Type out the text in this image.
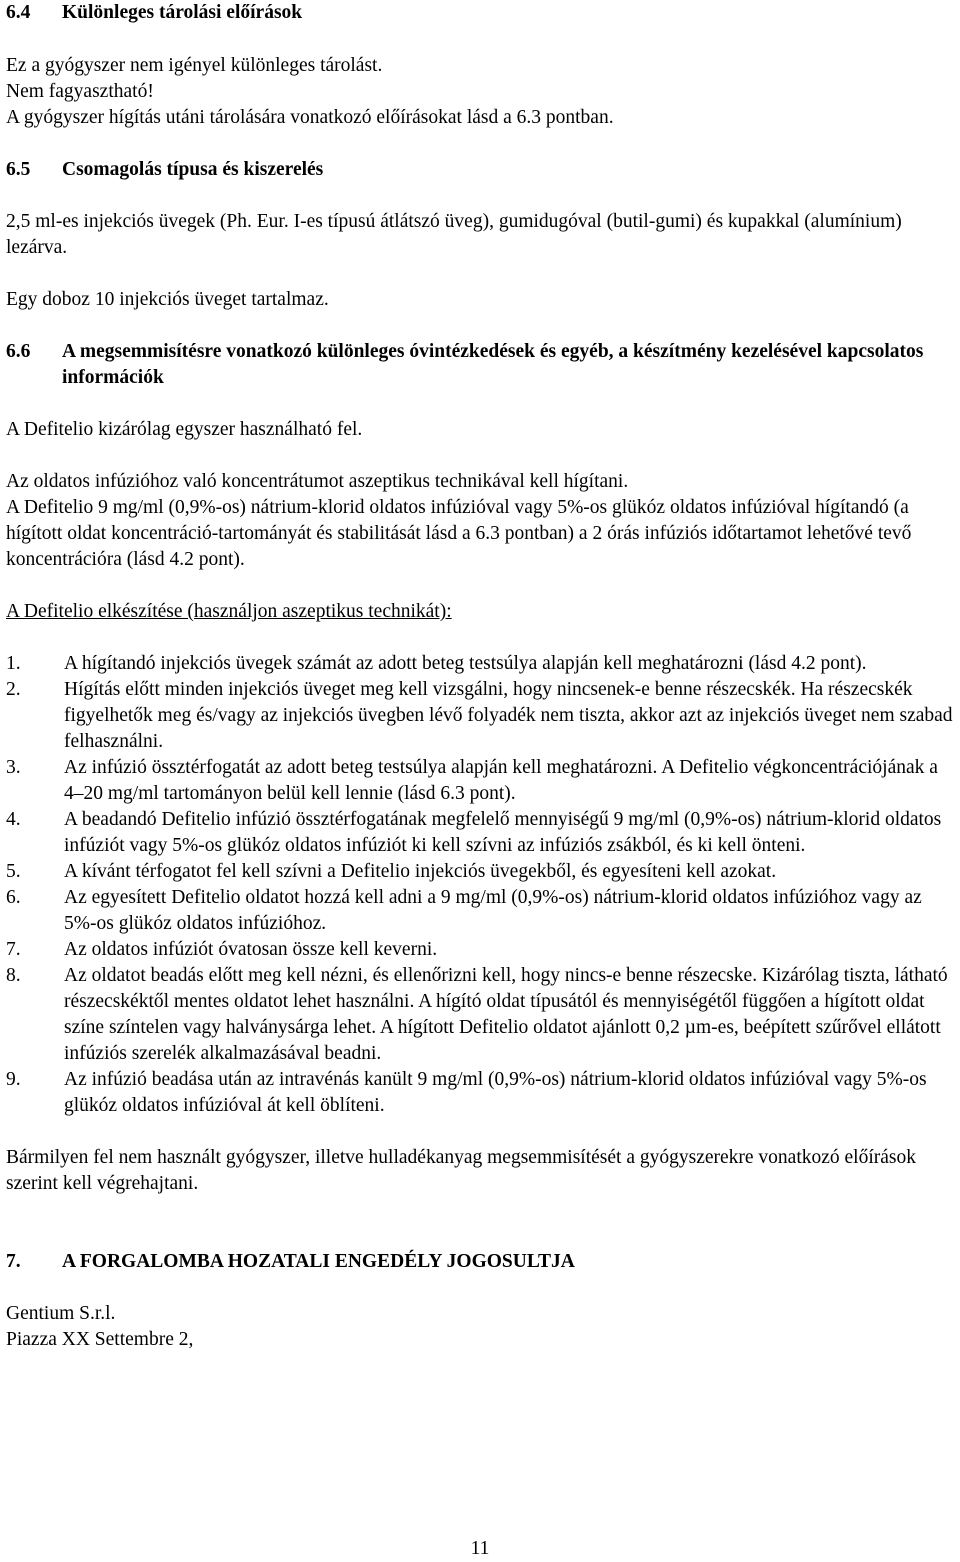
6.4	Különleges tárolási előírások

Ez a gyógyszer nem igényel különleges tárolást.

Nem fagyasztható!

A gyógyszer hígítás utáni tárolására vonatkozó előírásokat lásd a 6.3 pontban.

6.5	Csomagolás típusa és kiszerelés

2,5 ml-es injekciós üvegek (Ph. Eur. I-es típusú átlátszó üveg), gumidugóval (butil-gumi) és kupakkal (alumínium) lezárva.

Egy doboz 10 injekciós üveget tartalmaz.

6.6	A megsemmisítésre vonatkozó különleges óvintézkedések és egyéb, a készítmény kezelésével kapcsolatos információk

A Defitelio kizárólag egyszer használható fel.

Az oldatos infúzióhoz való koncentrátumot aszeptikus technikával kell hígítani.

A Defitelio 9 mg/ml (0,9%-os) nátrium-klorid oldatos infúzióval vagy 5%-os glükóz oldatos infúzióval hígítandó (a hígított oldat koncentráció-tartományát és stabilitását lásd a 6.3 pontban) a 2 órás infúziós időtartamot lehetővé tevő koncentrációra (lásd 4.2 pont).

A Defitelio elkészítése (használjon aszeptikus technikát):

1.	A hígítandó injekciós üvegek számát az adott beteg testsúlya alapján kell meghatározni (lásd 4.2 pont).
2.	Hígítás előtt minden injekciós üveget meg kell vizsgálni, hogy nincsenek-e benne részecskék. Ha részecskék figyelhetők meg és/vagy az injekciós üvegben lévő folyadék nem tiszta, akkor azt az injekciós üveget nem szabad felhasználni.
3.	Az infúzió össztérfogatát az adott beteg testsúlya alapján kell meghatározni. A Defitelio végkoncentrációjának a 4–20 mg/ml tartományon belül kell lennie (lásd 6.3 pont).
4.	A beadandó Defitelio infúzió össztérfogatának megfelelő mennyiségű 9 mg/ml (0,9%-os) nátrium-klorid oldatos infúziót vagy 5%-os glükóz oldatos infúziót ki kell szívni az infúziós zsákból, és ki kell önteni.
5.	A kívánt térfogatot fel kell szívni a Defitelio injekciós üvegekből, és egyesíteni kell azokat.
6.	Az egyesített Defitelio oldatot hozzá kell adni a 9 mg/ml (0,9%-os) nátrium-klorid oldatos infúzióhoz vagy az 5%-os glükóz oldatos infúzióhoz.
7.	Az oldatos infúziót óvatosan össze kell keverni.
8.	Az oldatot beadás előtt meg kell nézni, és ellenőrizni kell, hogy nincs-e benne részecske. Kizárólag tiszta, látható részecskéktől mentes oldatot lehet használni. A hígító oldat típusától és mennyiségétől függően a hígított oldat színe színtelen vagy halványsárga lehet. A hígított Defitelio oldatot ajánlott 0,2 µm-es, beépített szűrővel ellátott infúziós szerelék alkalmazásával beadni.
9.	Az infúzió beadása után az intravénás kanült 9 mg/ml (0,9%-os) nátrium-klorid oldatos infúzióval vagy 5%-os glükóz oldatos infúzióval át kell öblíteni.

Bármilyen fel nem használt gyógyszer, illetve hulladékanyag megsemmisítését a gyógyszerekre vonatkozó előírások szerint kell végrehajtani.

7.	A FORGALOMBA HOZATALI ENGEDÉLY JOGOSULTJA

Gentium S.r.l.

Piazza XX Settembre 2,

11
